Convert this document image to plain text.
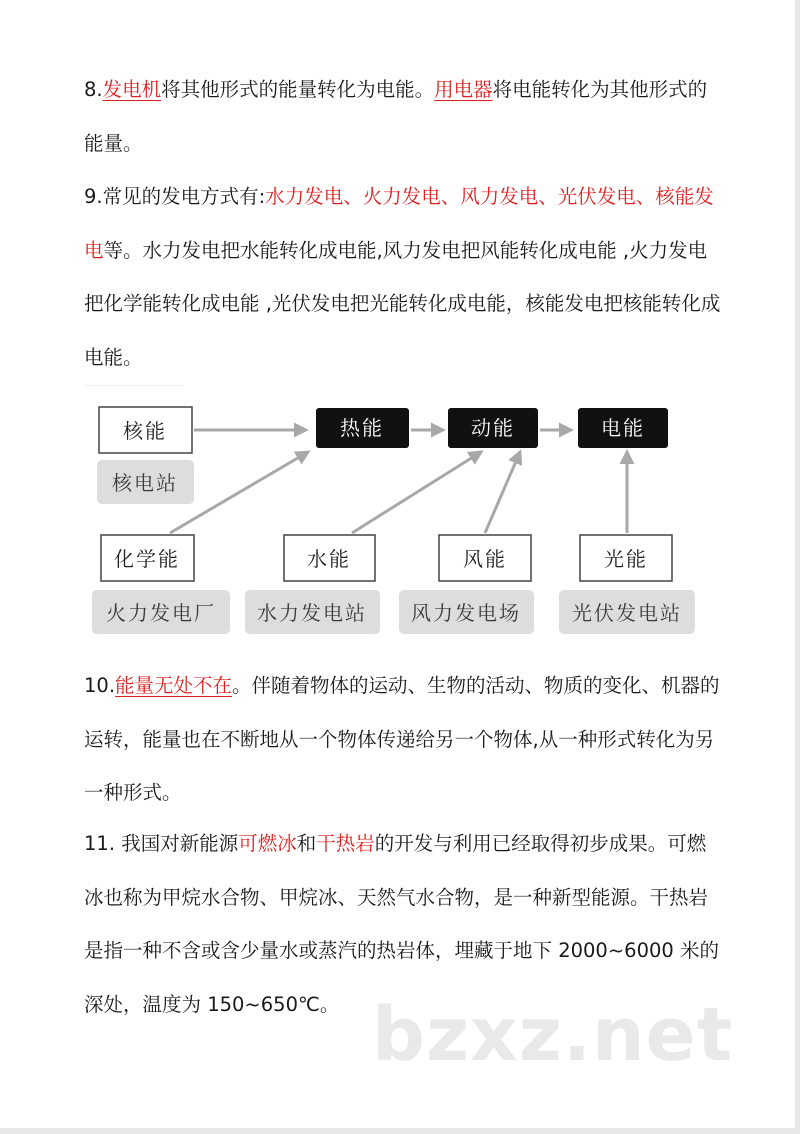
8.发电机将其他形式的能量转化为电能。用电器将电能转化为其他形式的能量。

9.常见的发电方式有:水力发电、火力发电、风力发电、光伏发电、核能发电等。水力发电把水能转化成电能,风力发电把风能转化成电能 ,火力发电把化学能转化成电能 ,光伏发电把光能转化成电能，核能发电把核能转化成电能。

核能
核电站
热能	动能	电能
化学能
火力发电厂
水能
水力发电站
风能
风力发电场
光能
光伏发电站

10.能量无处不在。伴随着物体的运动、生物的活动、物质的变化、机器的运转，能量也在不断地从一个物体传递给另一个物体,从一种形式转化为另一种形式。

11. 我国对新能源可燃冰和干热岩的开发与利用已经取得初步成果。可燃冰也称为甲烷水合物、甲烷冰、天然气水合物，是一种新型能源。干热岩是指一种不含或含少量水或蒸汽的热岩体，埋藏于地下 2000~6000 米的深处，温度为 150~650℃。 bzxz.net
